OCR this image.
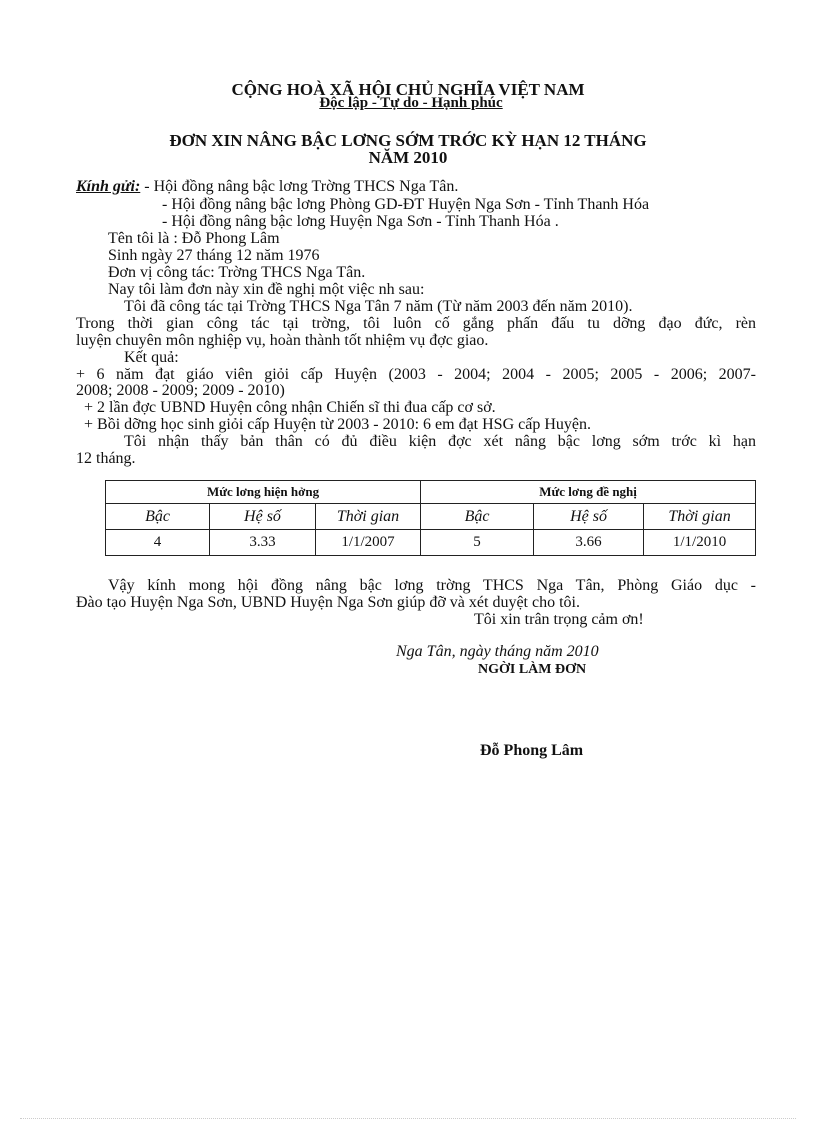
CỘNG HOÀ XÃ HỘI CHỦ NGHĨA VIỆT NAM
Độc lập - Tự do - Hạnh phúc
ĐƠN XIN NÂNG BẬC LƠNG SỚM TRỚC KỲ HẠN 12 THÁNG
NĂM 2010
Kính gửi: - Hội đồng nâng bậc lơng Trờng THCS Nga Tân.
- Hội đồng nâng bậc lơng Phòng GD-ĐT Huyện Nga Sơn - Tỉnh Thanh Hóa
- Hội đồng nâng bậc lơng Huyện Nga Sơn - Tỉnh Thanh Hóa .
Tên tôi là : Đỗ Phong Lâm
Sinh ngày 27 tháng 12 năm 1976
Đơn vị công tác: Trờng THCS Nga Tân.
Nay tôi làm đơn này xin đề nghị một việc nh sau:
Tôi đã công tác tại Trờng THCS Nga Tân 7 năm (Từ năm 2003 đến năm 2010).
Trong thời gian công tác tại trờng, tôi luôn cố gắng phấn đấu tu dỡng đạo đức, rèn
luyện chuyên môn nghiệp vụ, hoàn thành tốt nhiệm vụ đợc giao.
Kết quả:
+ 6 năm đạt giáo viên giỏi cấp Huyện (2003 - 2004; 2004 - 2005; 2005 - 2006; 2007-
2008; 2008 - 2009; 2009 - 2010)
+ 2 lần đợc UBND Huyện công nhận Chiến sĩ thi đua cấp cơ sở.
+ Bồi dỡng học sinh giỏi cấp Huyện từ 2003 - 2010: 6 em đạt HSG cấp Huyện.
Tôi nhận thấy bản thân có đủ điều kiện đợc xét nâng bậc lơng sớm trớc kì hạn
12 tháng.
Mức lơng hiện hởng			Mức lơng đề nghị		
Bậc	Hệ số	Thời gian	Bậc	Hệ số	Thời gian
4	3.33	1/1/2007	5	3.66	1/1/2010
Vậy kính mong hội đồng nâng bậc lơng trờng THCS Nga Tân, Phòng Giáo dục -
Đào tạo Huyện Nga Sơn, UBND Huyện Nga Sơn giúp đỡ và xét duyệt cho tôi.
Tôi xin trân trọng cảm ơn!
Nga Tân, ngày tháng năm 2010
NGỜI LÀM ĐƠN
Đỗ Phong Lâm
